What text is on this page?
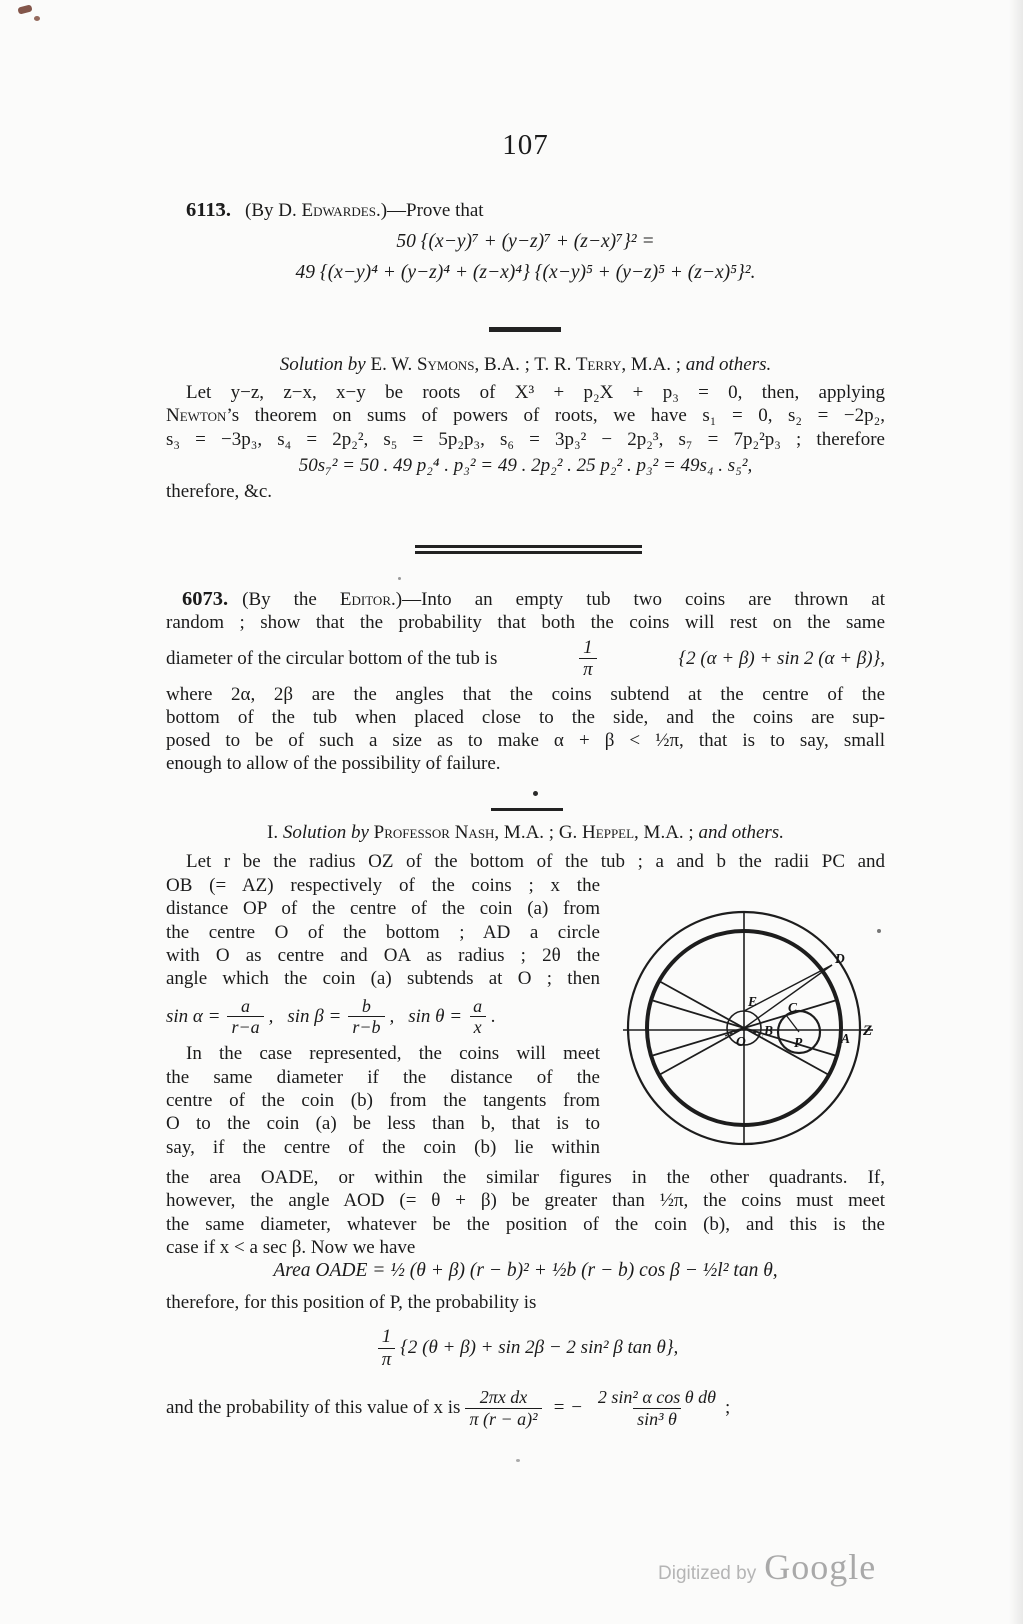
107
6113. (By D. Edwardes.)—Prove that
50 {(x−y)⁷ + (y−z)⁷ + (z−x)⁷}² =
49 {(x−y)⁴ + (y−z)⁴ + (z−x)⁴} {(x−y)⁵ + (y−z)⁵ + (z−x)⁵}².
Solution by E. W. Symons, B.A. ; T. R. Terry, M.A. ; and others.
Let y−z, z−x, x−y be roots of X³ + p₂X + p₃ = 0, then, applying
Newton’s theorem on sums of powers of roots, we have s₁ = 0, s₂ = −2p₂,
s₃ = −3p₃, s₄ = 2p₂², s₅ = 5p₂p₃, s₆ = 3p₃² − 2p₂³, s₇ = 7p₂²p₃ ; therefore
50s₇² = 50 . 49 p₂⁴ . p₃² = 49 . 2p₂² . 25 p₂² . p₃² = 49s₄ . s₅²,
therefore, &c.
6073. (By the Editor.)—Into an empty tub two coins are thrown at
random ; show that the probability that both the coins will rest on the same
diameter of the circular bottom of the tub is	$\frac{1}{\pi}$	{2 (α + β) + sin 2 (α + β)},
where 2α, 2β are the angles that the coins subtend at the centre of the
bottom of the tub when placed close to the side, and the coins are sup-
posed to be of such a size as to make α + β < ½π, that is to say, small
enough to allow of the possibility of failure.
I. Solution by Professor Nash, M.A. ; G. Heppel, M.A. ; and others.
Let r be the radius OZ of the bottom of the tub ; a and b the radii PC and
OB (= AZ) respectively of the coins ; x the
distance OP of the centre of the coin (a) from
the centre O of the bottom ; AD a circle
with O as centre and OA as radius ; 2θ the
angle which the coin (a) subtends at O ; then
$\sin \alpha = \frac{a}{r-a}$ , $\sin \beta = \frac{b}{r-b}$ , $\sin \theta = \frac{a}{x}$ .
In the case represented, the coins will meet
the same diameter if the distance of the
centre of the coin (b) from the tangents from
O to the coin (a) be less than b, that is to
say, if the centre of the coin (b) lie within
D
E C
B
O	P	A Z
the area OADE, or within the similar figures in the other quadrants. If,
however, the angle AOD (= θ + β) be greater than ½π, the coins must meet
the same diameter, whatever be the position of the coin (b), and this is the
case if x < a sec β. Now we have
Area OADE = ½ (θ + β) (r − b)² + ½b (r − b) cos β − ½l² tan θ,
therefore, for this position of P, the probability is
$\frac{1}{\pi} \{2$ (θ + β) + sin 2β − 2 sin² β tan θ},
and the probability of this value of x is $\frac{\text{2πx dx}}{\text{π (r − a)²}}$ = − $\frac{\text{2 sin² α cos θ dθ}}{\text{sin³ θ}}$ ;
Digitized by Google
